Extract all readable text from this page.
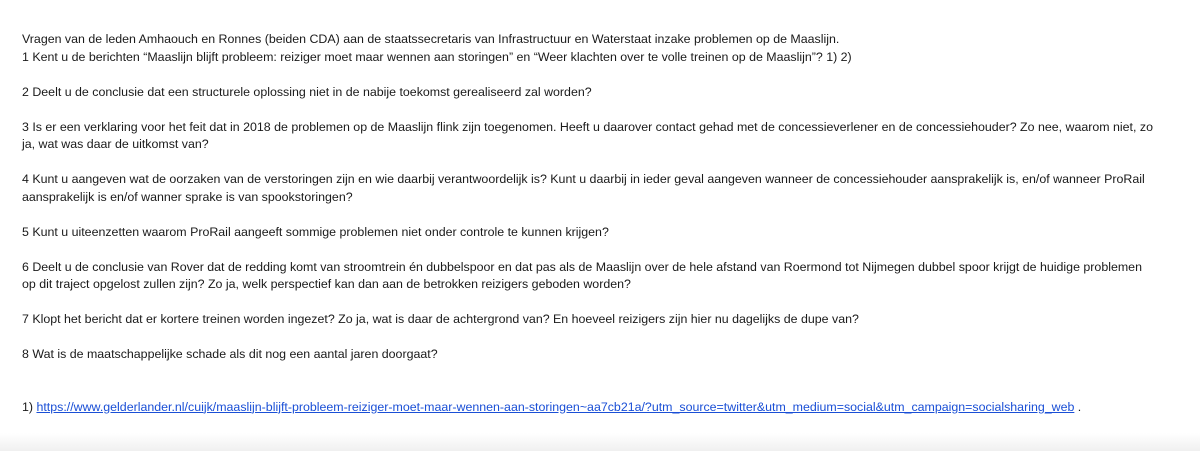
Vragen van de leden Amhaouch en Ronnes (beiden CDA) aan de staatssecretaris van Infrastructuur en Waterstaat inzake problemen op de Maaslijn.
1 Kent u de berichten “Maaslijn blijft probleem: reiziger moet maar wennen aan storingen” en “Weer klachten over te volle treinen op de Maaslijn”? 1) 2)
2 Deelt u de conclusie dat een structurele oplossing niet in de nabije toekomst gerealiseerd zal worden?
3 Is er een verklaring voor het feit dat in 2018 de problemen op de Maaslijn flink zijn toegenomen. Heeft u daarover contact gehad met de concessieverlener en de concessiehouder? Zo nee, waarom niet, zo
ja, wat was daar de uitkomst van?
4 Kunt u aangeven wat de oorzaken van de verstoringen zijn en wie daarbij verantwoordelijk is? Kunt u daarbij in ieder geval aangeven wanneer de concessiehouder aansprakelijk is, en/of wanneer ProRail
aansprakelijk is en/of wanner sprake is van spookstoringen?
5 Kunt u uiteenzetten waarom ProRail aangeeft sommige problemen niet onder controle te kunnen krijgen?
6 Deelt u de conclusie van Rover dat de redding komt van stroomtrein én dubbelspoor en dat pas als de Maaslijn over de hele afstand van Roermond tot Nijmegen dubbel spoor krijgt de huidige problemen
op dit traject opgelost zullen zijn? Zo ja, welk perspectief kan dan aan de betrokken reizigers geboden worden?
7 Klopt het bericht dat er kortere treinen worden ingezet? Zo ja, wat is daar de achtergrond van? En hoeveel reizigers zijn hier nu dagelijks de dupe van?
8 Wat is de maatschappelijke schade als dit nog een aantal jaren doorgaat?
1) https://www.gelderlander.nl/cuijk/maaslijn-blijft-probleem-reiziger-moet-maar-wennen-aan-storingen~aa7cb21a/?utm_source=twitter&utm_medium=social&utm_campaign=socialsharing_web .
